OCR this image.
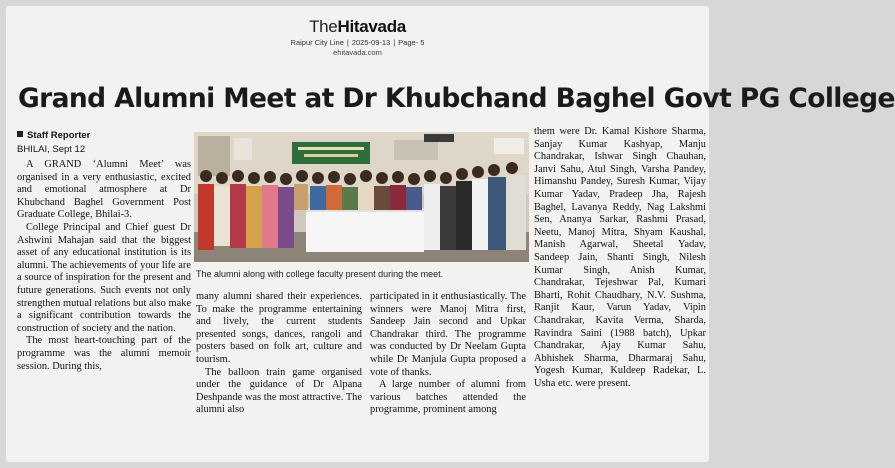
TheHitavada
Raipur City Line | 2025-09-13 | Page- 5
ehitavada.com
Grand Alumni Meet at Dr Khubchand Baghel Govt PG College
Staff Reporter
BHILAI, Sept 12

A GRAND ‘Alumni Meet’ was organised in a very enthusiastic, excited and emotional atmosphere at Dr Khubchand Baghel Government Post Graduate College, Bhilai-3.

College Principal and Chief guest Dr Ashwini Mahajan said that the biggest asset of any educational institution is its alumni. The achievements of your life are a source of inspiration for the present and future generations. Such events not only strengthen mutual relations but also make a significant contribution towards the construction of society and the nation.

The most heart-touching part of the programme was the alumni memoir session. During this,

The alumni along with college faculty present during the meet.

many alumni shared their experiences. To make the programme entertaining and lively, the current students presented songs, dances, rangoli and posters based on folk art, culture and tourism.

The balloon train game organised under the guidance of Dr Alpana Deshpande was the most attractive. The alumni also

participated in it enthusiastically. The winners were Manoj Mitra first, Sandeep Jain second and Upkar Chandrakar third. The programme was conducted by Dr Neelam Gupta while Dr Manjula Gupta proposed a vote of thanks.

A large number of alumni from various batches attended the programme, prominent among

them were Dr. Kamal Kishore Sharma, Sanjay Kumar Kashyap, Manju Chandrakar, Ishwar Singh Chauhan, Janvi Sahu, Atul Singh, Varsha Pandey, Himanshu Pandey, Suresh Kumar, Vijay Kumar Yadav, Pradeep Jha, Rajesh Baghel, Lavanya Reddy, Nag Lakshmi Sen, Ananya Sarkar, Rashmi Prasad, Neetu, Manoj Mitra, Shyam Kaushal, Manish Agarwal, Sheetal Yadav, Sandeep Jain, Shanti Singh, Nilesh Kumar Singh, Anish Kumar, Chandrakar, Tejeshwar Pal, Kumari Bharti, Rohit Chaudhary, N.V. Sushma, Ranjit Kaur, Varun Yadav, Vipin Chandrakar, Kavita Verma, Sharda, Ravindra Saini (1988 batch), Upkar Chandrakar, Ajay Kumar Sahu, Abhishek Sharma, Dharmaraj Sahu, Yogesh Kumar, Kuldeep Radekar, L. Usha etc. were present.
